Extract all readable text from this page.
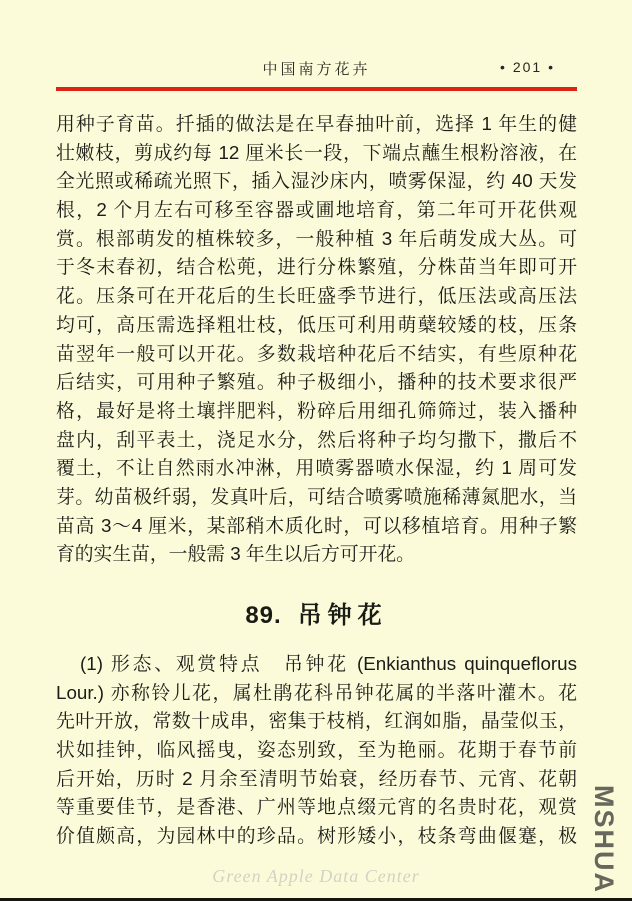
中国南方花卉	• 201 •
用种子育苗。扦插的做法是在早春抽叶前，选择 1 年生的健
壮嫩枝，剪成约每 12 厘米长一段，下端点蘸生根粉溶液，在
全光照或稀疏光照下，插入湿沙床内，喷雾保湿，约 40 天发
根，2 个月左右可移至容器或圃地培育，第二年可开花供观
赏。根部萌发的植株较多，一般种植 3 年后萌发成大丛。可
于冬末春初，结合松蔸，进行分株繁殖，分株苗当年即可开
花。压条可在开花后的生长旺盛季节进行，低压法或高压法
均可，高压需选择粗壮枝，低压可利用萌蘖较矮的枝，压条
苗翌年一般可以开花。多数栽培种花后不结实，有些原种花
后结实，可用种子繁殖。种子极细小，播种的技术要求很严
格，最好是将土壤拌肥料，粉碎后用细孔筛筛过，装入播种
盘内，刮平表土，浇足水分，然后将种子均匀撒下，撒后不
覆土，不让自然雨水冲淋，用喷雾器喷水保湿，约 1 周可发
芽。幼苗极纤弱，发真叶后，可结合喷雾喷施稀薄氮肥水，当
苗高 3～4 厘米，某部稍木质化时，可以移植培育。用种子繁
育的实生苗，一般需 3 年生以后方可开花。
89. 吊钟花
(1) 形态、观赏特点　吊钟花 (Enkianthus quinqueflorus
Lour.) 亦称铃儿花，属杜鹃花科吊钟花属的半落叶灌木。花
先叶开放，常数十成串，密集于枝梢，红润如脂，晶莹似玉，
状如挂钟，临风摇曳，姿态别致，至为艳丽。花期于春节前
后开始，历时 2 月余至清明节始衰，经历春节、元宵、花朝
等重要佳节，是香港、广州等地点缀元宵的名贵时花，观赏
价值颇高，为园林中的珍品。树形矮小，枝条弯曲偃蹇，极
Green Apple Data Center	MSHUA
